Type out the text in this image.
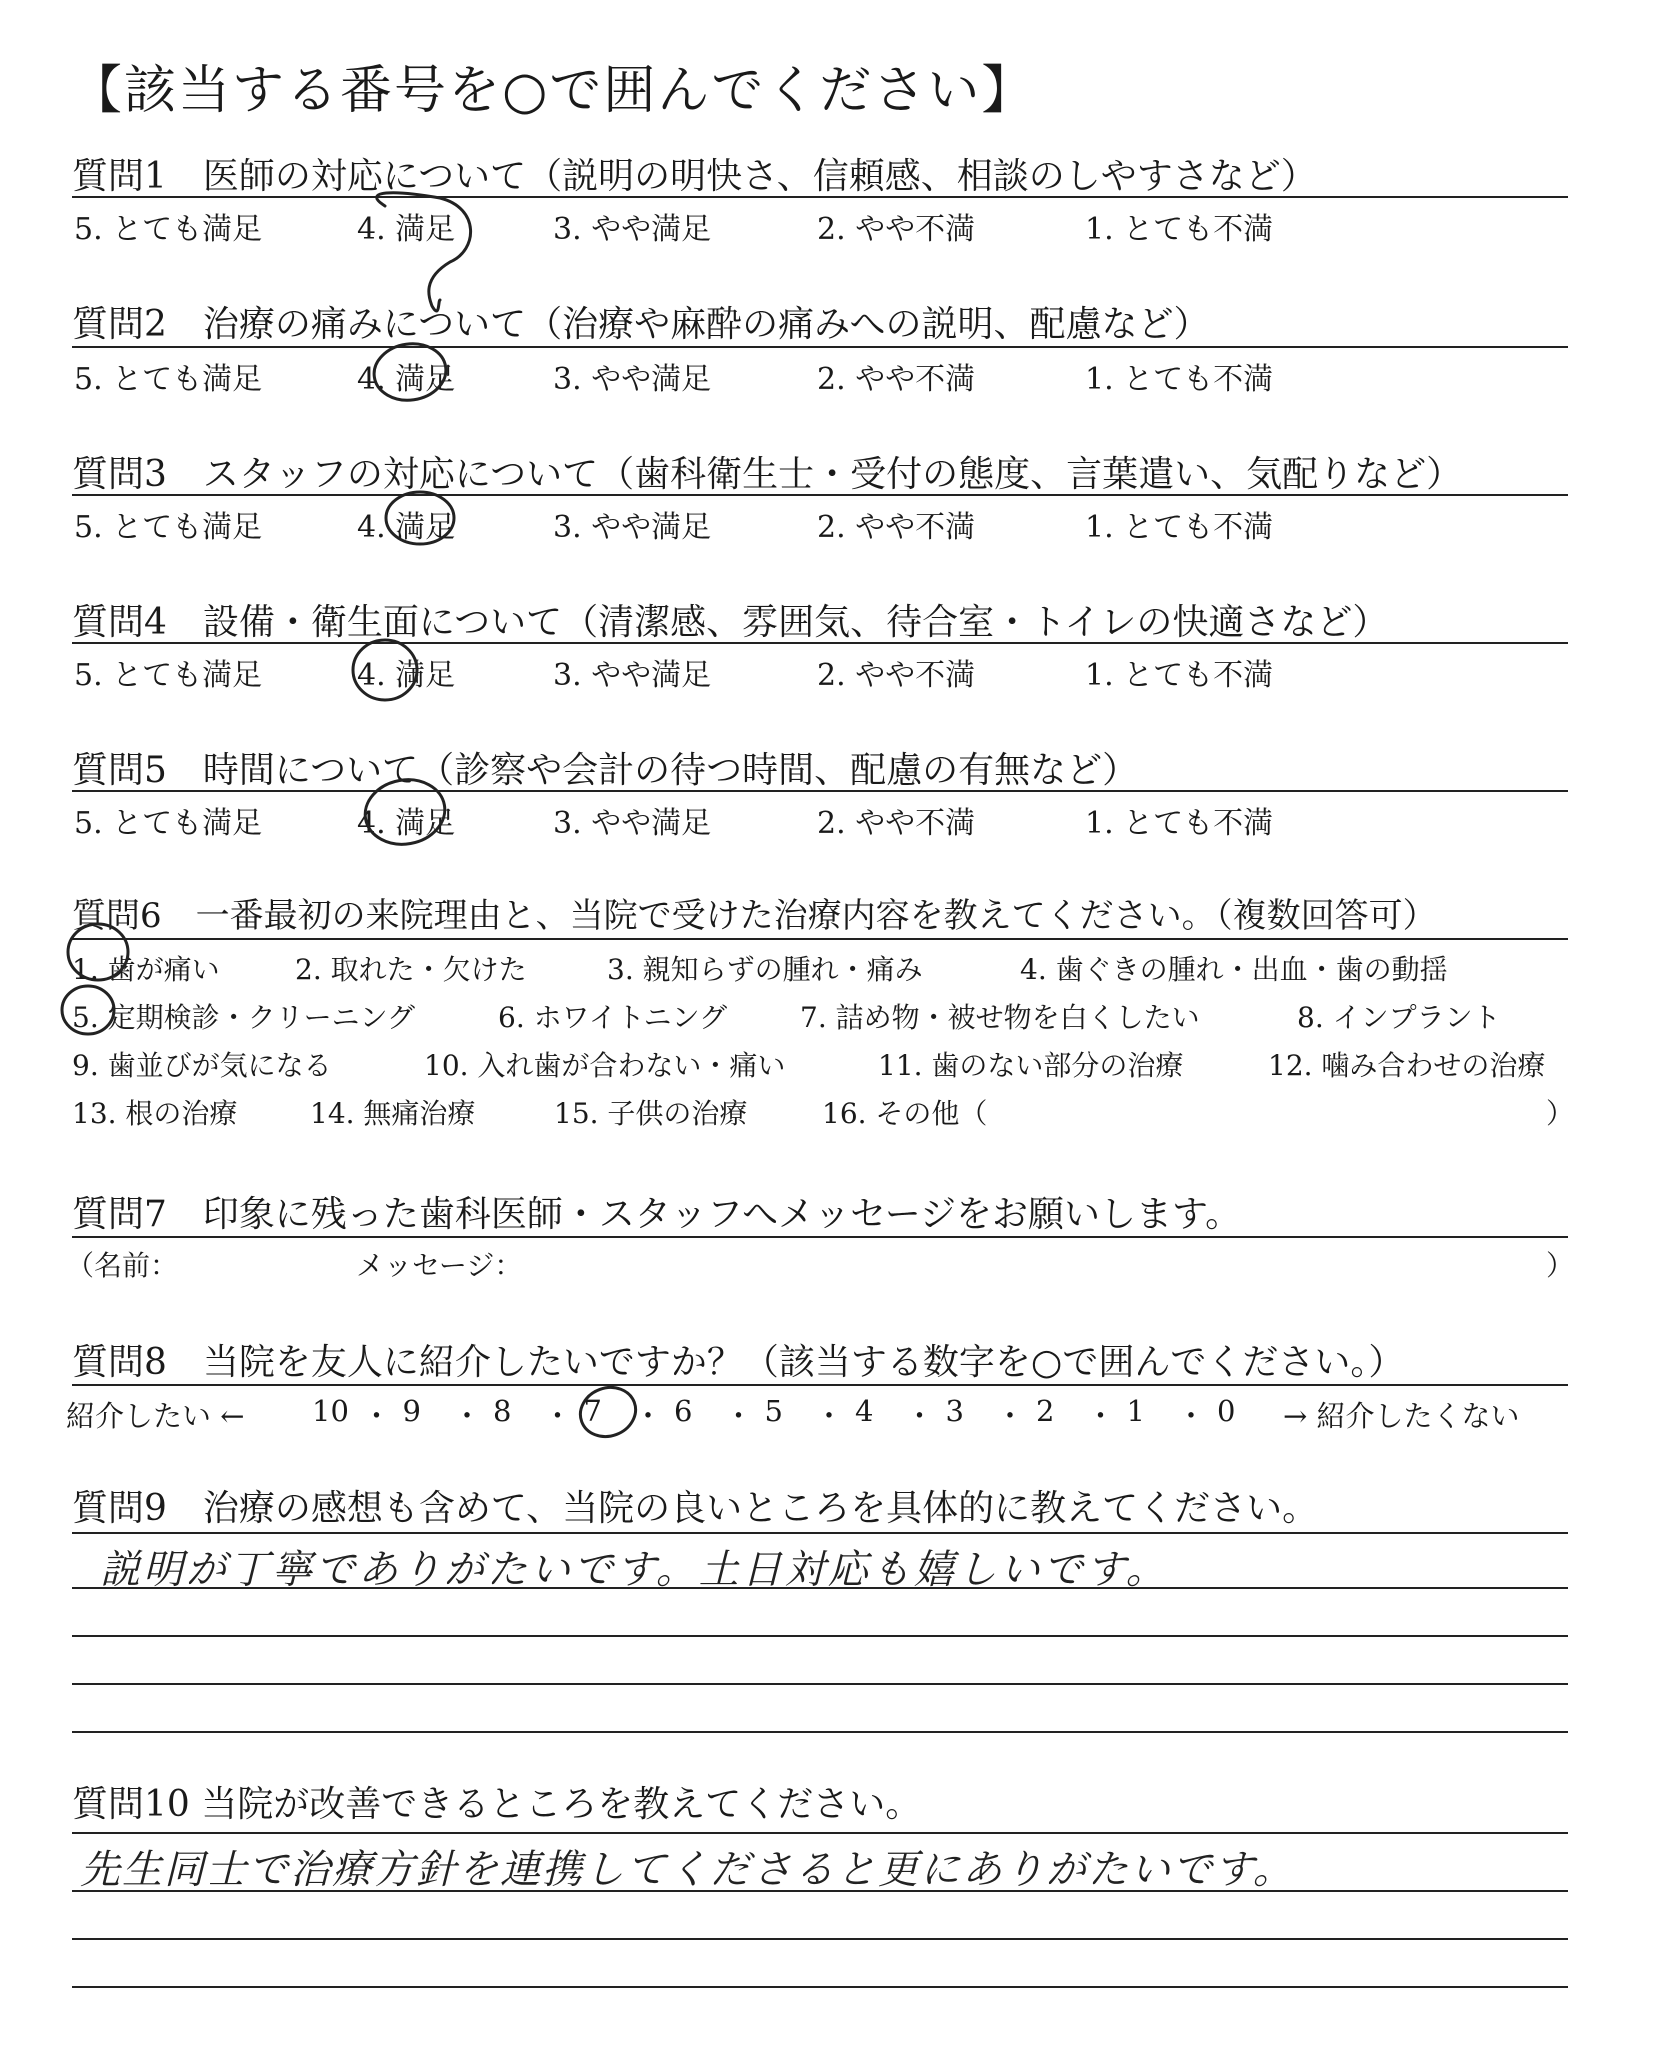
【該当する番号を○で囲んでください】
質問1　医師の対応について（説明の明快さ、信頼感、相談のしやすさなど）
5. とても満足	4. 満足	3. やや満足	2. やや不満	1. とても不満
質問2　治療の痛みについて（治療や麻酔の痛みへの説明、配慮など）
5. とても満足	4. 満足	3. やや満足	2. やや不満	1. とても不満
質問3　スタッフの対応について（歯科衛生士・受付の態度、言葉遣い、気配りなど）
5. とても満足	4. 満足	3. やや満足	2. やや不満	1. とても不満
質問4　設備・衛生面について（清潔感、雰囲気、待合室・トイレの快適さなど）
5. とても満足	4. 満足	3. やや満足	2. やや不満	1. とても不満
質問5　時間について（診察や会計の待つ時間、配慮の有無など）
5. とても満足	4. 満足	3. やや満足	2. やや不満	1. とても不満
質問6　一番最初の来院理由と、当院で受けた治療内容を教えてください。（複数回答可）
1. 歯が痛い	2. 取れた・欠けた	3. 親知らずの腫れ・痛み	4. 歯ぐきの腫れ・出血・歯の動揺
5. 定期検診・クリーニング	6. ホワイトニング	7. 詰め物・被せ物を白くしたい	8. インプラント
9. 歯並びが気になる	10. 入れ歯が合わない・痛い	11. 歯のない部分の治療	12. 噛み合わせの治療
13. 根の治療	14. 無痛治療	15. 子供の治療	16. その他（	）
質問7　印象に残った歯科医師・スタッフへメッセージをお願いします。
（名前：	メッセージ：	）
質問8　当院を友人に紹介したいですか？（該当する数字を○で囲んでください。）
紹介したい ←	→ 紹介したくない
10 ・ 9 ・ 8 ・ 7 ・ 6 ・ 5 ・ 4 ・ 3 ・ 2 ・ 1 ・ 0
質問9　治療の感想も含めて、当院の良いところを具体的に教えてください。
説明が丁寧でありがたいです。土日対応も嬉しいです。
質問10 当院が改善できるところを教えてください。
先生同士で治療方針を連携してくださると更にありがたいです。
